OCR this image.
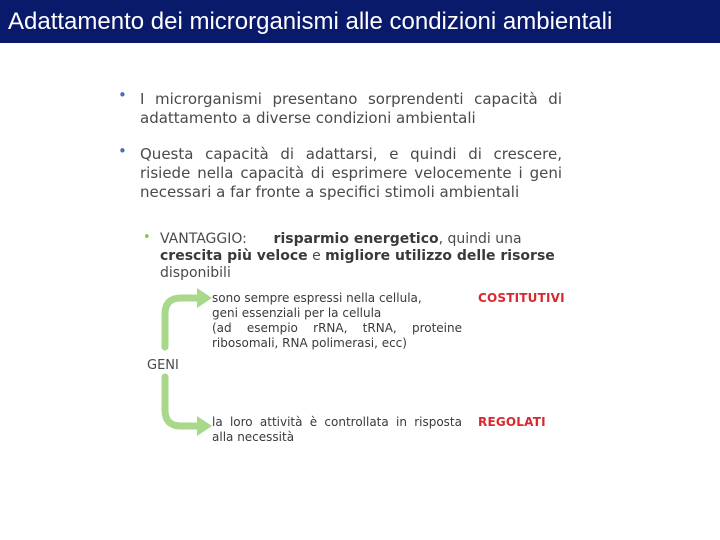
Adattamento dei microrganismi alle condizioni ambientali
• I microrganismi presentano sorprendenti capacità di adattamento a diverse condizioni ambientali
• Questa capacità di adattarsi, e quindi di crescere, risiede nella capacità di esprimere velocemente i geni necessari a far fronte a specifici stimoli ambientali
• VANTAGGIO: risparmio energetico, quindi una crescita più veloce e migliore utilizzo delle risorse disponibili
sono sempre espressi nella cellula,
geni essenziali per la cellula
(ad esempio rRNA, tRNA, proteine
ribosomali, RNA polimerasi, ecc)
COSTITUTIVI
GENI
la loro attività è controllata in risposta
alla necessità
REGOLATI
